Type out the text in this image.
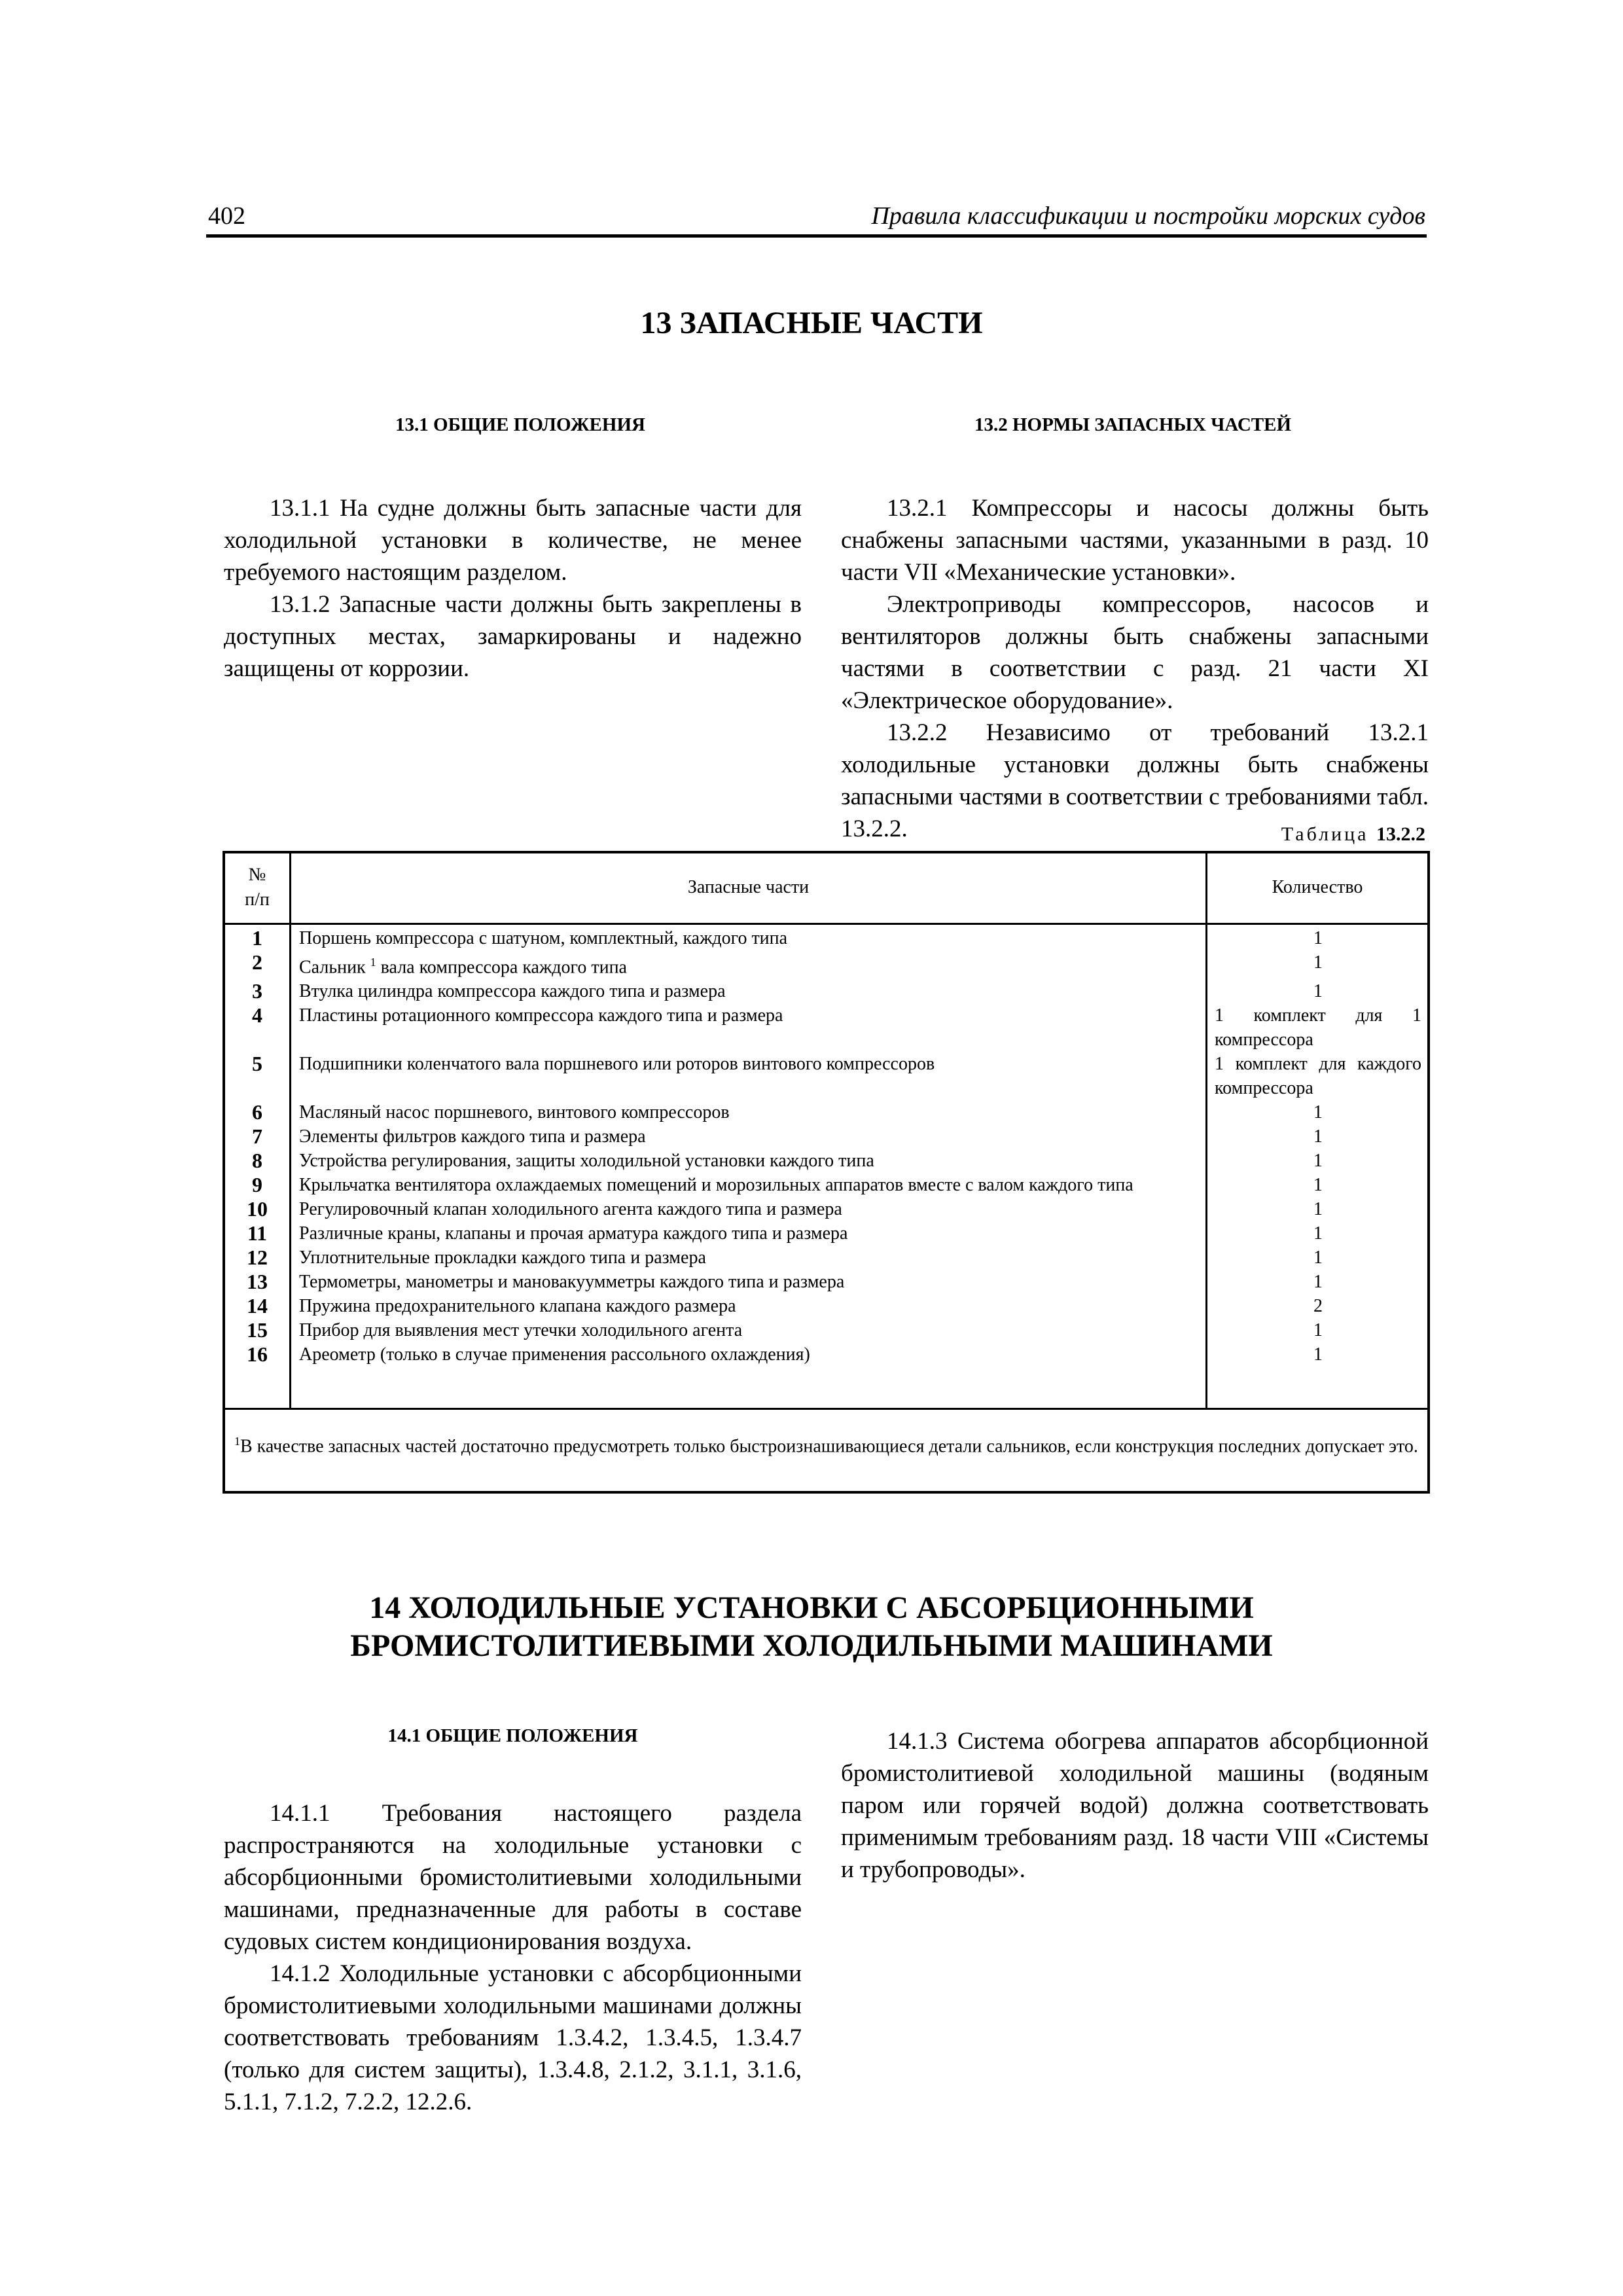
402	Правила классификации и постройки морских судов
13 ЗАПАСНЫЕ ЧАСТИ
13.1 ОБЩИЕ ПОЛОЖЕНИЯ	13.2 НОРМЫ ЗАПАСНЫХ ЧАСТЕЙ

13.1.1 На судне должны быть запасные части для холодильной установки в количестве, не менее требуемого настоящим разделом.

13.1.2 Запасные части должны быть закреплены в доступных местах, замаркированы и надежно защищены от коррозии.

13.2.1 Компрессоры и насосы должны быть снабжены запасными частями, указанными в разд. 10 части VII «Механические установки».

Электроприводы компрессоров, насосов и вентиляторов должны быть снабжены запасными частями в соответствии с разд. 21 части XI «Электрическое оборудование».

13.2.2 Независимо от требований 13.2.1 холодильные установки должны быть снабжены запасными частями в соответствии с требованиями табл. 13.2.2.	Таблица 13.2.2
№
п/п
Запасные части	Количество
1	Поршень компрессора с шатуном, комплектный, каждого типа	1
2	Сальник $^1$ вала компрессора каждого типа	1
3	Втулка цилиндра компрессора каждого типа и размера	1
4	Пластины ротационного компрессора каждого типа и размера	1 комплект для 1 компрессора
5	Подшипники коленчатого вала поршневого или роторов винтового компрессоров	1 комплект для каждого компрессора
6	Масляный насос поршневого, винтового компрессоров	1
7	Элементы фильтров каждого типа и размера	1
8	Устройства регулирования, защиты холодильной установки каждого типа	1
9	Крыльчатка вентилятора охлаждаемых помещений и морозильных аппаратов вместе с валом каждого типа	1
10	Регулировочный клапан холодильного агента каждого типа и размера	1
11	Различные краны, клапаны и прочая арматура каждого типа и размера	1
12	Уплотнительные прокладки каждого типа и размера	1
13	Термометры, манометры и мановакуумметры каждого типа и размера	1
14	Пружина предохранительного клапана каждого размера	2
15	Прибор для выявления мест утечки холодильного агента	1
16	Ареометр (только в случае применения рассольного охлаждения)	1
$^1$В качестве запасных частей достаточно предусмотреть только быстроизнашивающиеся детали сальников, если конструкция последних допускает это.
14 ХОЛОДИЛЬНЫЕ УСТАНОВКИ С АБСОРБЦИОННЫМИ
БРОМИСТОЛИТИЕВЫМИ ХОЛОДИЛЬНЫМИ МАШИНАМИ
14.1 ОБЩИЕ ПОЛОЖЕНИЯ

14.1.1 Требования настоящего раздела распространяются на холодильные установки с абсорбционными бромистолитиевыми холодильными машинами, предназначенные для работы в составе судовых систем кондиционирования воздуха.

14.1.2 Холодильные установки с абсорбционными бромистолитиевыми холодильными машинами должны соответствовать требованиям 1.3.4.2, 1.3.4.5, 1.3.4.7 (только для систем защиты), 1.3.4.8, 2.1.2, 3.1.1, 3.1.6, 5.1.1, 7.1.2, 7.2.2, 12.2.6.

14.1.3 Система обогрева аппаратов абсорбционной бромистолитиевой холодильной машины (водяным паром или горячей водой) должна соответствовать применимым требованиям разд. 18 части VIII «Системы и трубопроводы».
